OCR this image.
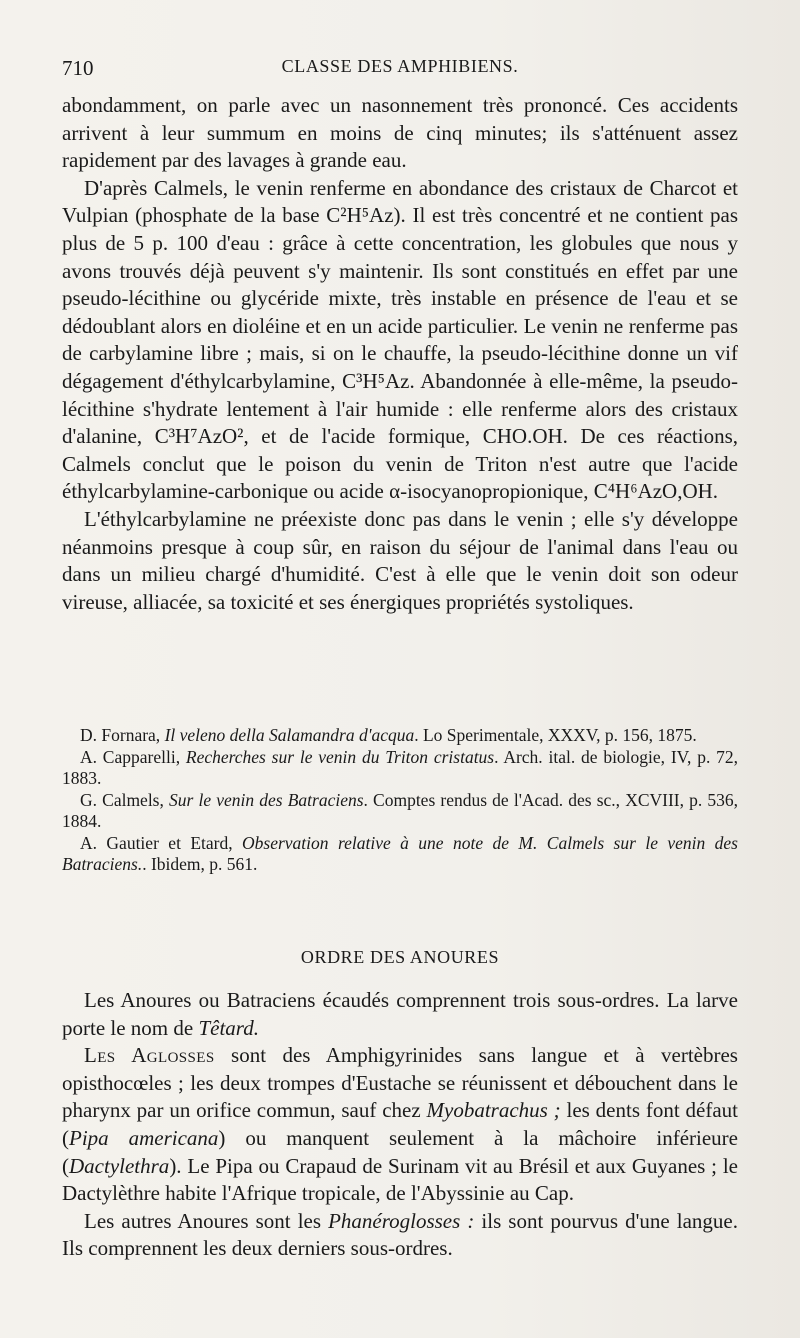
710	CLASSE DES AMPHIBIENS.

abondamment, on parle avec un nasonnement très prononcé. Ces accidents arrivent à leur summum en moins de cinq minutes; ils s'atténuent assez rapidement par des lavages à grande eau.

D'après Calmels, le venin renferme en abondance des cristaux de Charcot et Vulpian (phosphate de la base C²H⁵Az). Il est très concentré et ne contient pas plus de 5 p. 100 d'eau : grâce à cette concentration, les globules que nous y avons trouvés déjà peuvent s'y maintenir. Ils sont constitués en effet par une pseudo-lécithine ou glycéride mixte, très instable en présence de l'eau et se dédoublant alors en dioléine et en un acide particulier. Le venin ne renferme pas de carbylamine libre ; mais, si on le chauffe, la pseudo-lécithine donne un vif dégagement d'éthylcarbylamine, C³H⁵Az. Abandonnée à elle-même, la pseudo-lécithine s'hydrate lentement à l'air humide : elle renferme alors des cristaux d'alanine, C³H⁷AzO², et de l'acide formique, CHO.OH. De ces réactions, Calmels conclut que le poison du venin de Triton n'est autre que l'acide éthylcarbylamine-carbonique ou acide α-isocyanopropionique, C⁴H⁶AzO,OH.

L'éthylcarbylamine ne préexiste donc pas dans le venin ; elle s'y développe néanmoins presque à coup sûr, en raison du séjour de l'animal dans l'eau ou dans un milieu chargé d'humidité. C'est à elle que le venin doit son odeur vireuse, alliacée, sa toxicité et ses énergiques propriétés systoliques.

D. Fornara, Il veleno della Salamandra d'acqua. Lo Sperimentale, XXXV, p. 156, 1875.

A. Capparelli, Recherches sur le venin du Triton cristatus. Arch. ital. de biologie, IV, p. 72, 1883.

G. Calmels, Sur le venin des Batraciens. Comptes rendus de l'Acad. des sc., XCVIII, p. 536, 1884.

A. Gautier et Etard, Observation relative à une note de M. Calmels sur le venin des Batraciens.. Ibidem, p. 561.

ORDRE DES ANOURES

Les Anoures ou Batraciens écaudés comprennent trois sous-ordres. La larve porte le nom de Têtard.

Les Aglosses sont des Amphigyrinides sans langue et à vertèbres opisthocœles ; les deux trompes d'Eustache se réunissent et débouchent dans le pharynx par un orifice commun, sauf chez Myobatrachus ; les dents font défaut (Pipa americana) ou manquent seulement à la mâchoire inférieure (Dactylethra). Le Pipa ou Crapaud de Surinam vit au Brésil et aux Guyanes ; le Dactylèthre habite l'Afrique tropicale, de l'Abyssinie au Cap.

Les autres Anoures sont les Phanéroglosses : ils sont pourvus d'une langue. Ils comprennent les deux derniers sous-ordres.
